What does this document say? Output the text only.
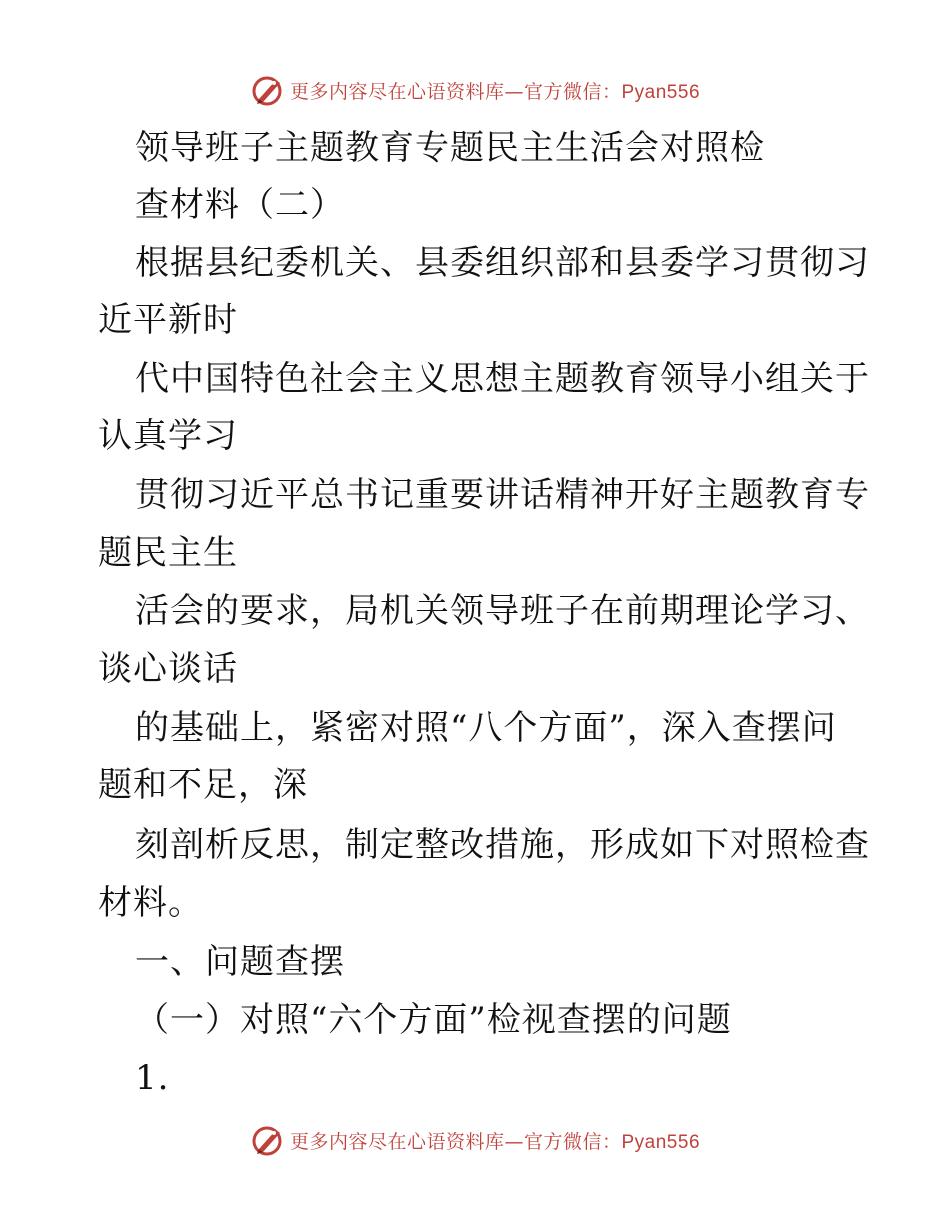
更多内容尽在心语资料库—官方微信：Pyan556
领导班子主题教育专题民主生活会对照检
查材料（二）
根据县纪委机关、县委组织部和县委学习贯彻习
近平新时
代中国特色社会主义思想主题教育领导小组关于
认真学习
贯彻习近平总书记重要讲话精神开好主题教育专
题民主生
活会的要求，局机关领导班子在前期理论学习、
谈心谈话
的基础上，紧密对照“八个方面”，深入查摆问
题和不足，深
刻剖析反思，制定整改措施，形成如下对照检查
材料。
一、问题查摆
（一）对照“六个方面”检视查摆的问题
1.
更多内容尽在心语资料库—官方微信：Pyan556
